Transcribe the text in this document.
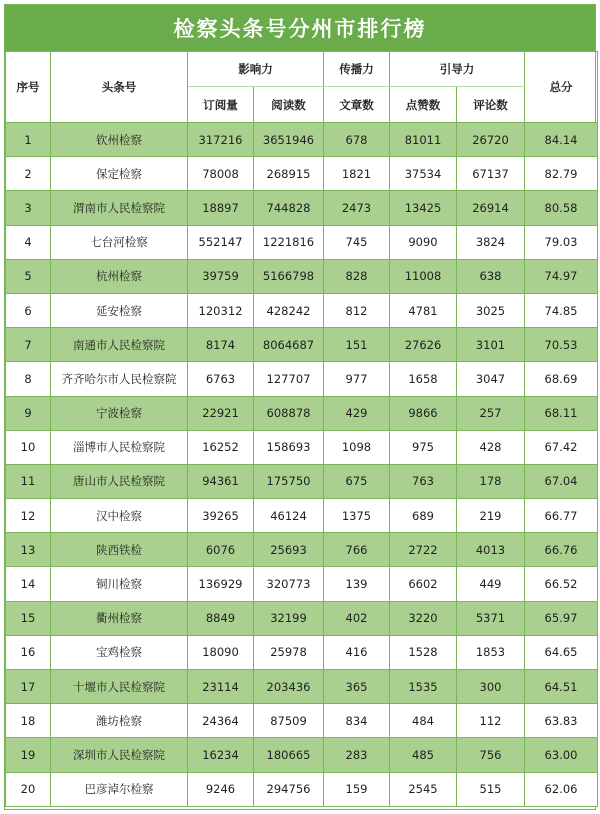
检察头条号分州市排行榜
序号	头条号	影响力		传播力	引导力		总分
		订阅量	阅读数	文章数	点赞数	评论数	
1	钦州检察	317216	3651946	678	81011	26720	84.14
2	保定检察	78008	268915	1821	37534	67137	82.79
3	渭南市人民检察院	18897	744828	2473	13425	26914	80.58
4	七台河检察	552147	1221816	745	9090	3824	79.03
5	杭州检察	39759	5166798	828	11008	638	74.97
6	延安检察	120312	428242	812	4781	3025	74.85
7	南通市人民检察院	8174	8064687	151	27626	3101	70.53
8	齐齐哈尔市人民检察院	6763	127707	977	1658	3047	68.69
9	宁波检察	22921	608878	429	9866	257	68.11
10	淄博市人民检察院	16252	158693	1098	975	428	67.42
11	唐山市人民检察院	94361	175750	675	763	178	67.04
12	汉中检察	39265	46124	1375	689	219	66.77
13	陕西铁检	6076	25693	766	2722	4013	66.76
14	铜川检察	136929	320773	139	6602	449	66.52
15	衢州检察	8849	32199	402	3220	5371	65.97
16	宝鸡检察	18090	25978	416	1528	1853	64.65
17	十堰市人民检察院	23114	203436	365	1535	300	64.51
18	潍坊检察	24364	87509	834	484	112	63.83
19	深圳市人民检察院	16234	180665	283	485	756	63.00
20	巴彦淖尔检察	9246	294756	159	2545	515	62.06
